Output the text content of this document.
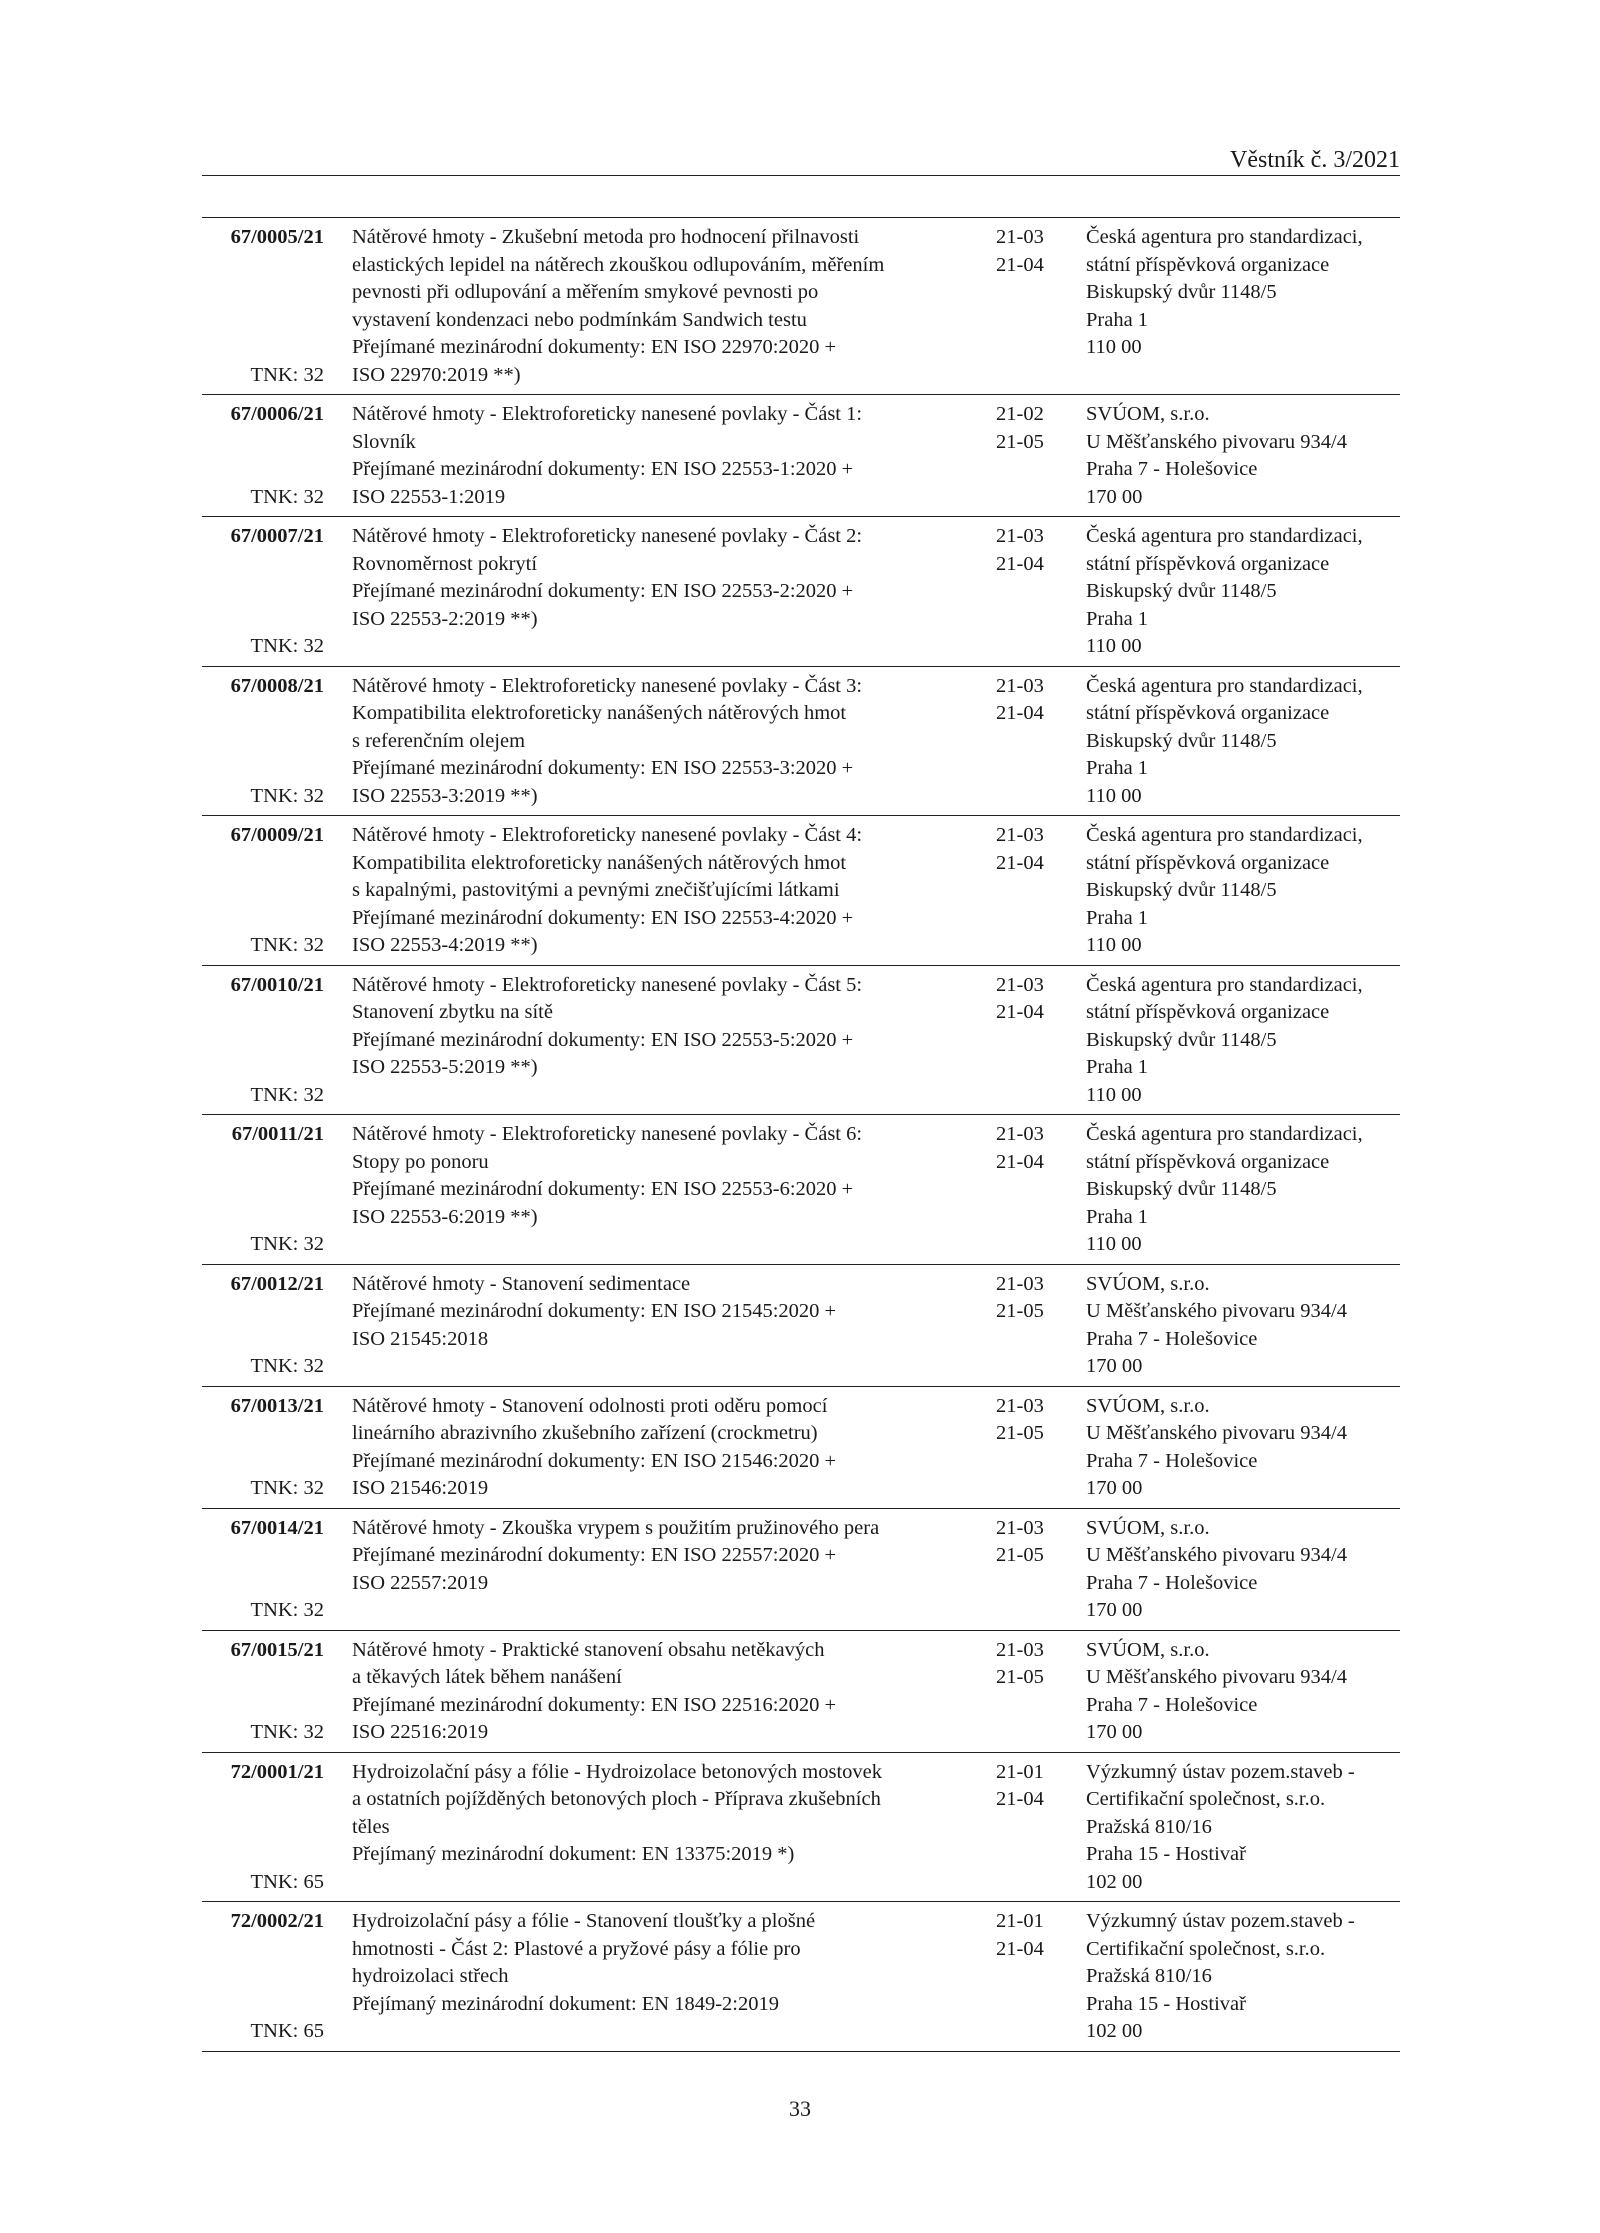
Věstník č. 3/2021
67/0005/21
TNK: 32
Nátěrové hmoty - Zkušební metoda pro hodnocení přilnavosti
elastických lepidel na nátěrech zkouškou odlupováním, měřením
pevnosti při odlupování a měřením smykové pevnosti po
vystavení kondenzaci nebo podmínkám Sandwich testu
Přejímané mezinárodní dokumenty: EN ISO 22970:2020 +
ISO 22970:2019 **)
21-03
21-04
Česká agentura pro standardizaci,
státní příspěvková organizace
Biskupský dvůr 1148/5
Praha 1
110 00
67/0006/21
TNK: 32
Nátěrové hmoty - Elektroforeticky nanesené povlaky - Část 1:
Slovník
Přejímané mezinárodní dokumenty: EN ISO 22553-1:2020 +
ISO 22553-1:2019
21-02
21-05
SVÚOM, s.r.o.
U Měšťanského pivovaru 934/4
Praha 7 - Holešovice
170 00
67/0007/21
TNK: 32
Nátěrové hmoty - Elektroforeticky nanesené povlaky - Část 2:
Rovnoměrnost pokrytí
Přejímané mezinárodní dokumenty: EN ISO 22553-2:2020 +
ISO 22553-2:2019 **)
21-03
21-04
Česká agentura pro standardizaci,
státní příspěvková organizace
Biskupský dvůr 1148/5
Praha 1
110 00
67/0008/21
TNK: 32
Nátěrové hmoty - Elektroforeticky nanesené povlaky - Část 3:
Kompatibilita elektroforeticky nanášených nátěrových hmot
s referenčním olejem
Přejímané mezinárodní dokumenty: EN ISO 22553-3:2020 +
ISO 22553-3:2019 **)
21-03
21-04
Česká agentura pro standardizaci,
státní příspěvková organizace
Biskupský dvůr 1148/5
Praha 1
110 00
67/0009/21
TNK: 32
Nátěrové hmoty - Elektroforeticky nanesené povlaky - Část 4:
Kompatibilita elektroforeticky nanášených nátěrových hmot
s kapalnými, pastovitými a pevnými znečišťujícími látkami
Přejímané mezinárodní dokumenty: EN ISO 22553-4:2020 +
ISO 22553-4:2019 **)
21-03
21-04
Česká agentura pro standardizaci,
státní příspěvková organizace
Biskupský dvůr 1148/5
Praha 1
110 00
67/0010/21
TNK: 32
Nátěrové hmoty - Elektroforeticky nanesené povlaky - Část 5:
Stanovení zbytku na sítě
Přejímané mezinárodní dokumenty: EN ISO 22553-5:2020 +
ISO 22553-5:2019 **)
21-03
21-04
Česká agentura pro standardizaci,
státní příspěvková organizace
Biskupský dvůr 1148/5
Praha 1
110 00
67/0011/21
TNK: 32
Nátěrové hmoty - Elektroforeticky nanesené povlaky - Část 6:
Stopy po ponoru
Přejímané mezinárodní dokumenty: EN ISO 22553-6:2020 +
ISO 22553-6:2019 **)
21-03
21-04
Česká agentura pro standardizaci,
státní příspěvková organizace
Biskupský dvůr 1148/5
Praha 1
110 00
67/0012/21
TNK: 32
Nátěrové hmoty - Stanovení sedimentace
Přejímané mezinárodní dokumenty: EN ISO 21545:2020 +
ISO 21545:2018
21-03
21-05
SVÚOM, s.r.o.
U Měšťanského pivovaru 934/4
Praha 7 - Holešovice
170 00
67/0013/21
TNK: 32
Nátěrové hmoty - Stanovení odolnosti proti oděru pomocí
lineárního abrazivního zkušebního zařízení (crockmetru)
Přejímané mezinárodní dokumenty: EN ISO 21546:2020 +
ISO 21546:2019
21-03
21-05
SVÚOM, s.r.o.
U Měšťanského pivovaru 934/4
Praha 7 - Holešovice
170 00
67/0014/21
TNK: 32
Nátěrové hmoty - Zkouška vrypem s použitím pružinového pera
Přejímané mezinárodní dokumenty: EN ISO 22557:2020 +
ISO 22557:2019
21-03
21-05
SVÚOM, s.r.o.
U Měšťanského pivovaru 934/4
Praha 7 - Holešovice
170 00
67/0015/21
TNK: 32
Nátěrové hmoty - Praktické stanovení obsahu netěkavých
a těkavých látek během nanášení
Přejímané mezinárodní dokumenty: EN ISO 22516:2020 +
ISO 22516:2019
21-03
21-05
SVÚOM, s.r.o.
U Měšťanského pivovaru 934/4
Praha 7 - Holešovice
170 00
72/0001/21
TNK: 65
Hydroizolační pásy a fólie - Hydroizolace betonových mostovek
a ostatních pojížděných betonových ploch - Příprava zkušebních
těles
Přejímaný mezinárodní dokument: EN 13375:2019 *)
21-01
21-04
Výzkumný ústav pozem.staveb -
Certifikační společnost, s.r.o.
Pražská 810/16
Praha 15 - Hostivař
102 00
72/0002/21
TNK: 65
Hydroizolační pásy a fólie - Stanovení tloušťky a plošné
hmotnosti - Část 2: Plastové a pryžové pásy a fólie pro
hydroizolaci střech
Přejímaný mezinárodní dokument: EN 1849-2:2019
21-01
21-04
Výzkumný ústav pozem.staveb -
Certifikační společnost, s.r.o.
Pražská 810/16
Praha 15 - Hostivař
102 00
33
